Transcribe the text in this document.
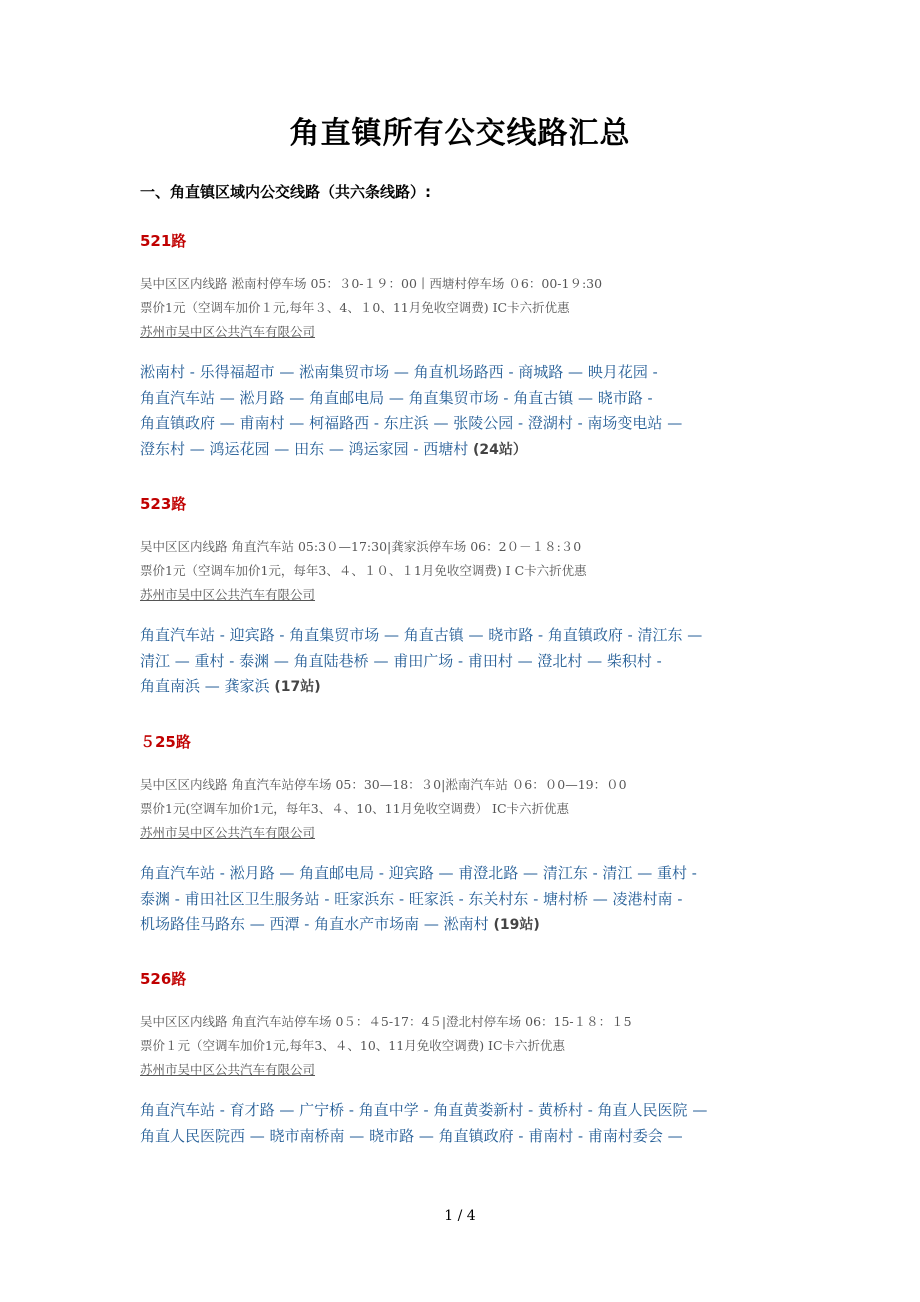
角直镇所有公交线路汇总

一、角直镇区域内公交线路（共六条线路）:

521路

吴中区区内线路 淞南村停车场 05：３0-１９：00丨西塘村停车场 ０6：00-1９:30

票价1元（空调车加价１元,每年３、4、１0、11月免收空调费) IC卡六折优惠

苏州市吴中区公共汽车有限公司

淞南村 - 乐得福超市 — 淞南集贸市场 — 角直机场路西 - 商城路 — 映月花园 -

角直汽车站 — 淞月路 — 角直邮电局 — 角直集贸市场 - 角直古镇 — 晓市路 -

角直镇政府 — 甫南村 — 柯福路西 - 东庄浜 — 张陵公园 - 澄湖村 - 南场变电站 —

澄东村 — 鸿运花园 — 田东 — 鸿运家园 - 西塘村 (24站）

523路

吴中区区内线路 角直汽车站 05:3０—17:30|龚家浜停车场 06：2０－１８:３0

票价1元（空调车加价1元，每年3、４、１０、１1月免收空调费) I C卡六折优惠

苏州市吴中区公共汽车有限公司

角直汽车站 - 迎宾路 - 角直集贸市场 — 角直古镇 — 晓市路 - 角直镇政府 - 清江东 —

清江 — 重村 - 泰渊 — 角直陆巷桥 — 甫田广场 - 甫田村 — 澄北村 — 柴积村 -

角直南浜 — 龚家浜 (17站)

５25路

吴中区区内线路 角直汽车站停车场 05：30—18：３0|淞南汽车站 ０6：０0—19：０0

票价1元(空调车加价1元，每年3、４、10、11月免收空调费） IC卡六折优惠

苏州市吴中区公共汽车有限公司

角直汽车站 - 淞月路 — 角直邮电局 - 迎宾路 — 甫澄北路 — 清江东 - 清江 — 重村 -

泰渊 - 甫田社区卫生服务站 - 旺家浜东 - 旺家浜 - 东关村东 - 塘村桥 — 凌港村南 -

机场路佳马路东 — 西潭 - 角直水产市场南 — 淞南村 (19站)

526路

吴中区区内线路 角直汽车站停车场 0５：４5-17：4５|澄北村停车场 06：15-１８：１5

票价１元（空调车加价1元,每年3、４、10、11月免收空调费) IC卡六折优惠

苏州市吴中区公共汽车有限公司

角直汽车站 - 育才路 — 广宁桥 - 角直中学 - 角直黄娄新村 - 黄桥村 - 角直人民医院 —

角直人民医院西 — 晓市南桥南 — 晓市路 — 角直镇政府 - 甫南村 - 甫南村委会 —

1 / 4
